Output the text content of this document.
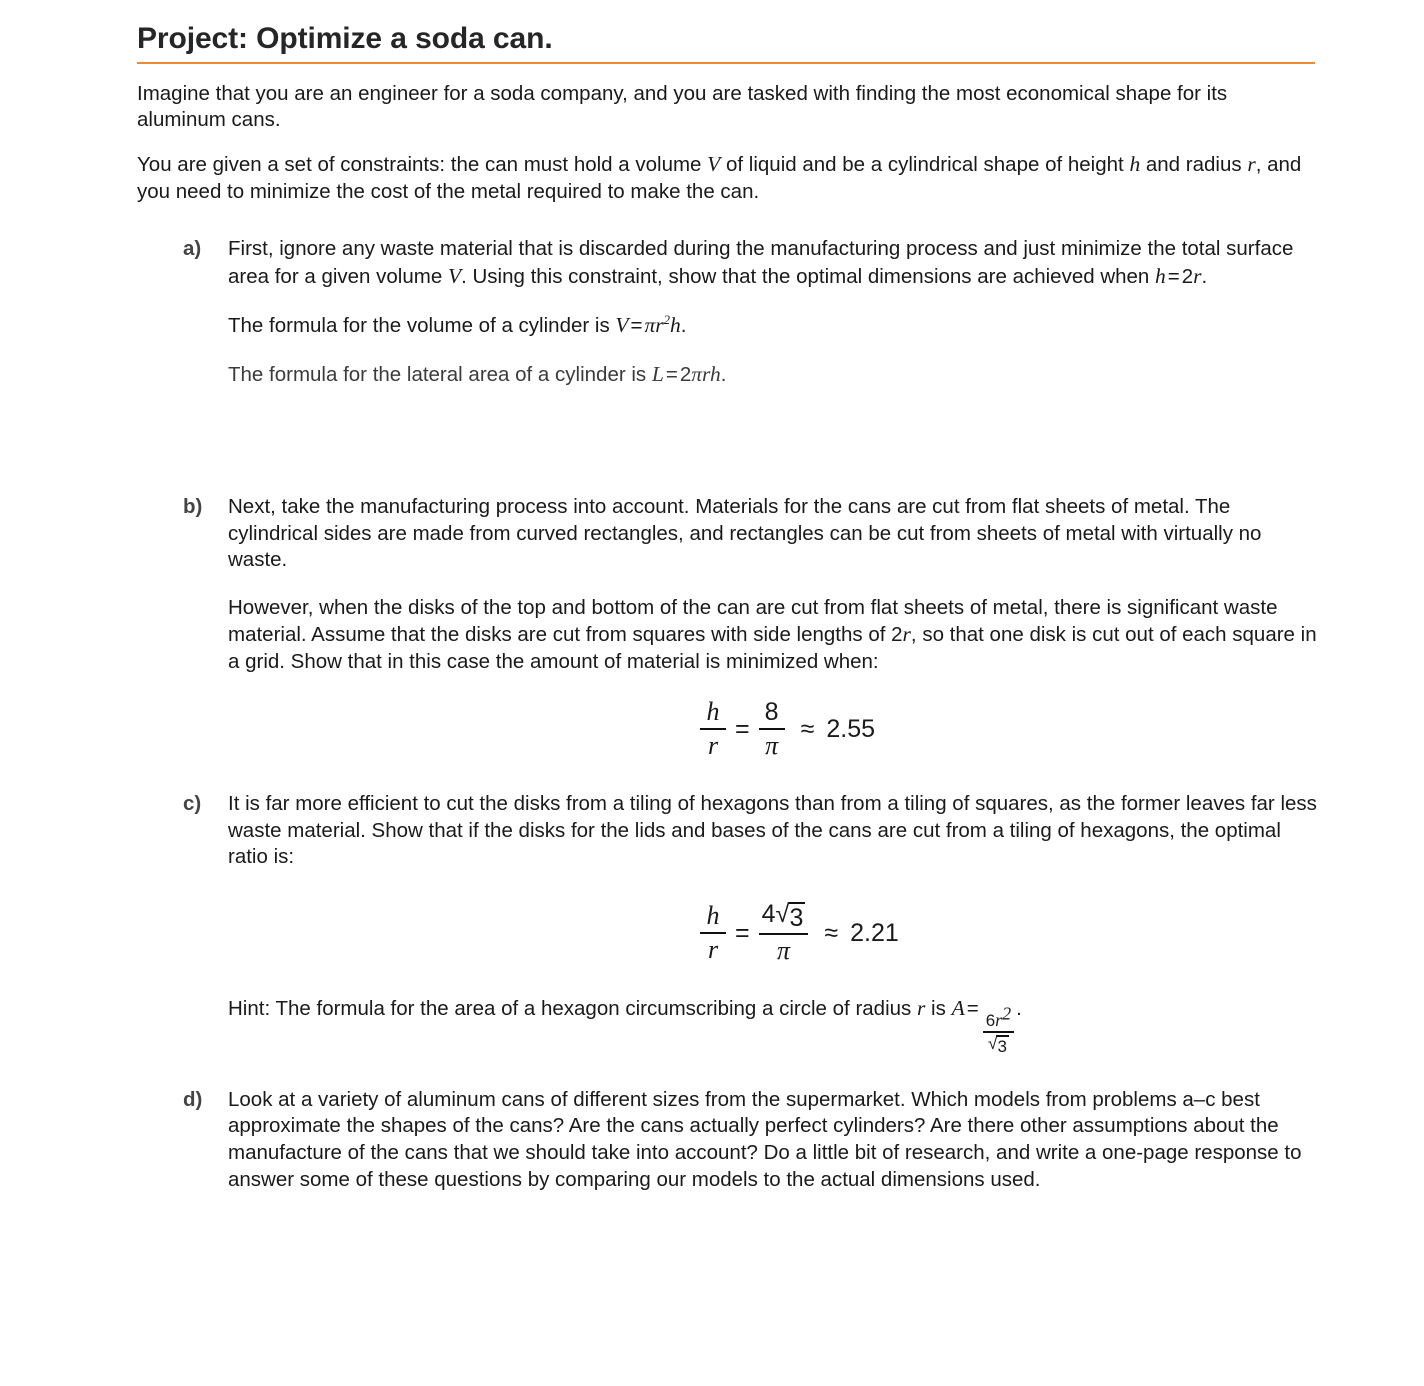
Project: Optimize a soda can.

Imagine that you are an engineer for a soda company, and you are tasked with finding the most economical shape for its aluminum cans.

You are given a set of constraints: the can must hold a volume V of liquid and be a cylindrical shape of height h and radius r, and you need to minimize the cost of the metal required to make the can.

a) First, ignore any waste material that is discarded during the manufacturing process and just minimize the total surface area for a given volume V. Using this constraint, show that the optimal dimensions are achieved when h=2r.
The formula for the volume of a cylinder is $V=\pi r^2h$.
The formula for the lateral area of a cylinder is L=2πrh.
b) Next, take the manufacturing process into account. Materials for the cans are cut from flat sheets of metal. The cylindrical sides are made from curved rectangles, and rectangles can be cut from sheets of metal with virtually no waste.
However, when the disks of the top and bottom of the can are cut from flat sheets of metal, there is significant waste material. Assume that the disks are cut from squares with side lengths of 2r, so that one disk is cut out of each square in a grid. Show that in this case the amount of material is minimized when:
$\frac{h}{r} = \frac{8}{\pi} \approx 2.55$
c) It is far more efficient to cut the disks from a tiling of hexagons than from a tiling of squares, as the former leaves far less waste material. Show that if the disks for the lids and bases of the cans are cut from a tiling of hexagons, the optimal ratio is:
$\frac{h}{r} = \frac{4 √ 3}{\pi} \approx 2.21$
Hint: The formula for the area of a hexagon circumscribing a circle of radius r is A=
$\frac{6r^2}{√ 3}$
.
d) Look at a variety of aluminum cans of different sizes from the supermarket. Which models from problems a–c best approximate the shapes of the cans? Are the cans actually perfect cylinders? Are there other assumptions about the manufacture of the cans that we should take into account? Do a little bit of research, and write a one-page response to answer some of these questions by comparing our models to the actual dimensions used.
